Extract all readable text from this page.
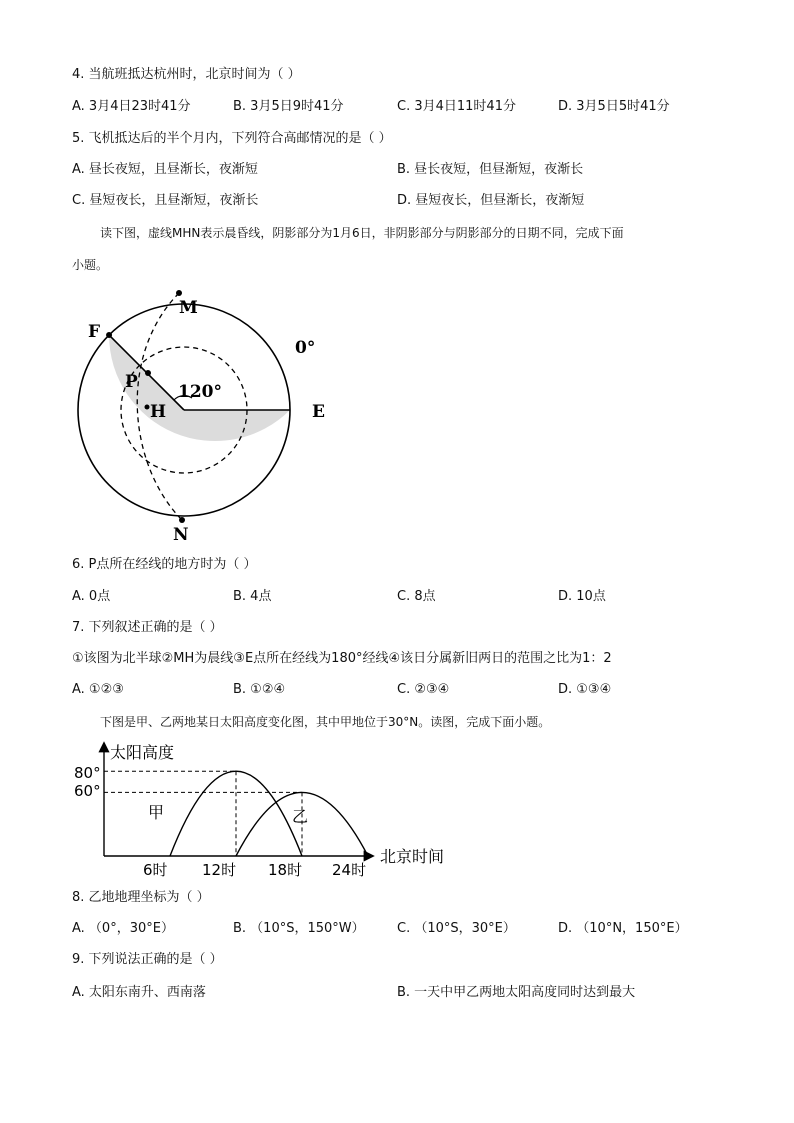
4. 当航班抵达杭州时，北京时间为（ ）
A. 3月4日23时41分	B. 3月5日9时41分	C. 3月4日11时41分	D. 3月5日5时41分
5. 飞机抵达后的半个月内，下列符合高邮情况的是（ ）
A. 昼长夜短，且昼渐长，夜渐短	B. 昼长夜短，但昼渐短，夜渐长
C. 昼短夜长，且昼渐短，夜渐长	D. 昼短夜长，但昼渐长，夜渐短
读下图，虚线MHN表示晨昏线，阴影部分为1月6日，非阴影部分与阴影部分的日期不同，完成下面
小题。
M
F
0°
P 120°
H	E
N
6. P点所在经线的地方时为（ ）
A. 0点	B. 4点	C. 8点	D. 10点
7. 下列叙述正确的是（ ）
①该图为北半球②MH为晨线③E点所在经线为180°经线④该日分属新旧两日的范围之比为1：2
A. ①②③	B. ①②④	C. ②③④	D. ①③④
下图是甲、乙两地某日太阳高度变化图，其中甲地位于30°N。读图，完成下面小题。
太阳高度
北京时间
80°
60°
6时 12时 18时 24时
甲	乙
8. 乙地地理坐标为（ ）
A. （0°，30°E）	B. （10°S，150°W） C. （10°S，30°E）	D. （10°N，150°E）
9. 下列说法正确的是（ ）
A. 太阳东南升、西南落	B. 一天中甲乙两地太阳高度同时达到最大
